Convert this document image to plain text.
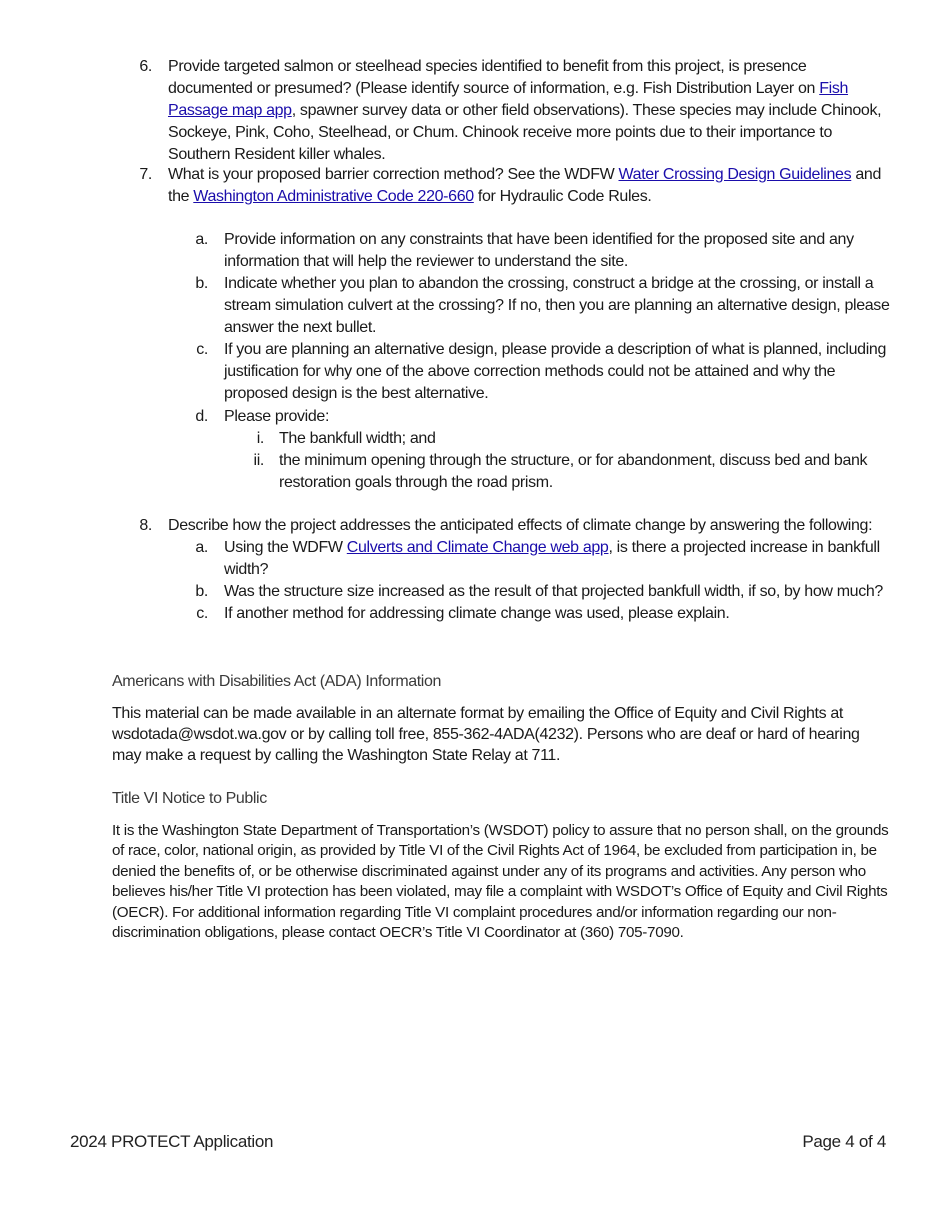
6. Provide targeted salmon or steelhead species identified to benefit from this project, is presence documented or presumed? (Please identify source of information, e.g. Fish Distribution Layer on Fish Passage map app, spawner survey data or other field observations). These species may include Chinook, Sockeye, Pink, Coho, Steelhead, or Chum. Chinook receive more points due to their importance to Southern Resident killer whales.
7. What is your proposed barrier correction method? See the WDFW Water Crossing Design Guidelines and the Washington Administrative Code 220-660 for Hydraulic Code Rules.
a. Provide information on any constraints that have been identified for the proposed site and any information that will help the reviewer to understand the site.
b. Indicate whether you plan to abandon the crossing, construct a bridge at the crossing, or install a stream simulation culvert at the crossing? If no, then you are planning an alternative design, please answer the next bullet.
c. If you are planning an alternative design, please provide a description of what is planned, including justification for why one of the above correction methods could not be attained and why the proposed design is the best alternative.
d. Please provide:
i. The bankfull width; and
ii. the minimum opening through the structure, or for abandonment, discuss bed and bank restoration goals through the road prism.
8. Describe how the project addresses the anticipated effects of climate change by answering the following:
a. Using the WDFW Culverts and Climate Change web app, is there a projected increase in bankfull width?
b. Was the structure size increased as the result of that projected bankfull width, if so, by how much?
c. If another method for addressing climate change was used, please explain.
Americans with Disabilities Act (ADA) Information
This material can be made available in an alternate format by emailing the Office of Equity and Civil Rights at wsdotada@wsdot.wa.gov or by calling toll free, 855-362-4ADA(4232). Persons who are deaf or hard of hearing may make a request by calling the Washington State Relay at 711.
Title VI Notice to Public
It is the Washington State Department of Transportation’s (WSDOT) policy to assure that no person shall, on the grounds of race, color, national origin, as provided by Title VI of the Civil Rights Act of 1964, be excluded from participation in, be denied the benefits of, or be otherwise discriminated against under any of its programs and activities. Any person who believes his/her Title VI protection has been violated, may file a complaint with WSDOT’s Office of Equity and Civil Rights (OECR). For additional information regarding Title VI complaint procedures and/or information regarding our non-discrimination obligations, please contact OECR’s Title VI Coordinator at (360) 705-7090.
2024 PROTECT Application	Page 4 of 4
